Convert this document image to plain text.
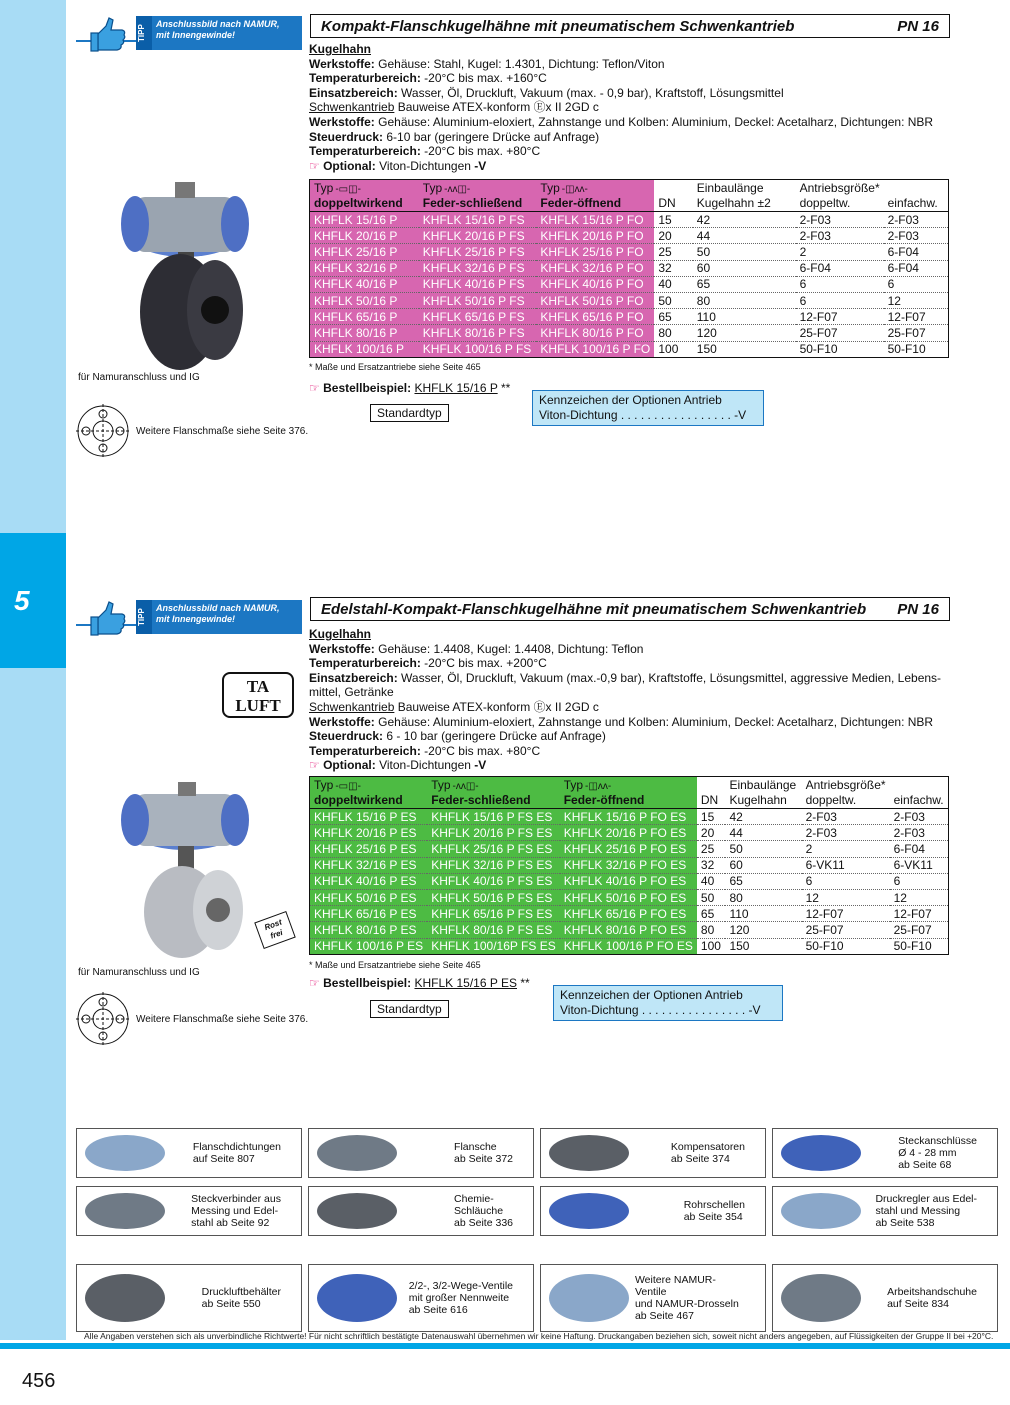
5
Kompakt-Flanschkugelhähne mit pneumatischem Schwenkantrieb	PN 16
TIPP
Anschlussbild nach NAMUR,
mit Innengewinde!
Kugelhahn
Werkstoffe: Gehäuse: Stahl, Kugel: 1.4301, Dichtung: Teflon/Viton
Temperaturbereich: -20°C bis max. +160°C
Einsatzbereich: Wasser, Öl, Druckluft, Vakuum (max. - 0,9 bar), Kraftstoff, Lösungsmittel
Schwenkantrieb Bauweise ATEX-konform Ⓔx II 2GD c
Werkstoffe: Gehäuse: Aluminium-eloxiert, Zahnstange und Kolben: Aluminium, Deckel: Acetalharz, Dichtungen: NBR
Steuerdruck: 6-10 bar (geringere Drücke auf Anfrage)
Temperaturbereich: -20°C bis max. +80°C
☞ Optional: Viton-Dichtungen -V
für Namuranschluss und IG
Weitere Flanschmaße siehe Seite 376.
Typ -▭◫-	Typ -ʌʌ◫-	Typ -◫ʌʌ-		Einbaulänge	Antriebsgröße*	
doppeltwirkend	Feder-schließend	Feder-öffnend	DN	Kugelhahn ±2	doppeltw.	einfachw.
KHFLK 15/16 P	KHFLK 15/16 P FS	KHFLK 15/16 P FO	15	42	2-F03	2-F03
KHFLK 20/16 P	KHFLK 20/16 P FS	KHFLK 20/16 P FO	20	44	2-F03	2-F03
KHFLK 25/16 P	KHFLK 25/16 P FS	KHFLK 25/16 P FO	25	50	2	6-F04
KHFLK 32/16 P	KHFLK 32/16 P FS	KHFLK 32/16 P FO	32	60	6-F04	6-F04
KHFLK 40/16 P	KHFLK 40/16 P FS	KHFLK 40/16 P FO	40	65	6	6
KHFLK 50/16 P	KHFLK 50/16 P FS	KHFLK 50/16 P FO	50	80	6	12
KHFLK 65/16 P	KHFLK 65/16 P FS	KHFLK 65/16 P FO	65	110	12-F07	12-F07
KHFLK 80/16 P	KHFLK 80/16 P FS	KHFLK 80/16 P FO	80	120	25-F07	25-F07
KHFLK 100/16 P	KHFLK 100/16 P FS	KHFLK 100/16 P FO	100	150	50-F10	50-F10
* Maße und Ersatzantriebe siehe Seite 465
☞ Bestellbeispiel: KHFLK 15/16 P **
Standardtyp
Kennzeichen der Optionen Antrieb
Viton-Dichtung . . . . . . . . . . . . . . . . . -V
Edelstahl-Kompakt-Flanschkugelhähne mit pneumatischem Schwenkantrieb PN 16
TIPP
Anschlussbild nach NAMUR,
mit Innengewinde!
TA
LUFT
Kugelhahn
Werkstoffe: Gehäuse: 1.4408, Kugel: 1.4408, Dichtung: Teflon
Temperaturbereich: -20°C bis max. +200°C
Einsatzbereich: Wasser, Öl, Druckluft, Vakuum (max.-0,9 bar), Kraftstoffe, Lösungsmittel, aggressive Medien, Lebens-
mittel, Getränke
Schwenkantrieb Bauweise ATEX-konform Ⓔx II 2GD c
Werkstoffe: Gehäuse: Aluminium-eloxiert, Zahnstange und Kolben: Aluminium, Deckel: Acetalharz, Dichtungen: NBR
Steuerdruck: 6 - 10 bar (geringere Drücke auf Anfrage)
Temperaturbereich: -20°C bis max. +80°C
☞ Optional: Viton-Dichtungen -V
Rost frei
für Namuranschluss und IG
Weitere Flanschmaße siehe Seite 376.
Typ -▭◫-	Typ -ʌʌ◫-	Typ -◫ʌʌ-		Einbaulänge	Antriebsgröße*	
doppeltwirkend	Feder-schließend	Feder-öffnend	DN	Kugelhahn	doppeltw.	einfachw.
KHFLK 15/16 P ES	KHFLK 15/16 P FS ES	KHFLK 15/16 P FO ES	15	42	2-F03	2-F03
KHFLK 20/16 P ES	KHFLK 20/16 P FS ES	KHFLK 20/16 P FO ES	20	44	2-F03	2-F03
KHFLK 25/16 P ES	KHFLK 25/16 P FS ES	KHFLK 25/16 P FO ES	25	50	2	6-F04
KHFLK 32/16 P ES	KHFLK 32/16 P FS ES	KHFLK 32/16 P FO ES	32	60	6-VK11	6-VK11
KHFLK 40/16 P ES	KHFLK 40/16 P FS ES	KHFLK 40/16 P FO ES	40	65	6	6
KHFLK 50/16 P ES	KHFLK 50/16 P FS ES	KHFLK 50/16 P FO ES	50	80	12	12
KHFLK 65/16 P ES	KHFLK 65/16 P FS ES	KHFLK 65/16 P FO ES	65	110	12-F07	12-F07
KHFLK 80/16 P ES	KHFLK 80/16 P FS ES	KHFLK 80/16 P FO ES	80	120	25-F07	25-F07
KHFLK 100/16 P ES	KHFLK 100/16P FS ES	KHFLK 100/16 P FO ES	100	150	50-F10	50-F10
* Maße und Ersatzantriebe siehe Seite 465
☞ Bestellbeispiel: KHFLK 15/16 P ES **
Standardtyp
Kennzeichen der Optionen Antrieb
Viton-Dichtung . . . . . . . . . . . . . . . . -V
Flanschdichtungen
auf Seite 807
Flansche
ab Seite 372
Kompensatoren
ab Seite 374
Steckanschlüsse
Ø 4 - 28 mm
ab Seite 68
Steckverbinder aus
Messing und Edel-
stahl ab Seite 92
Chemie-
Schläuche
ab Seite 336
Rohrschellen
ab Seite 354
Druckregler aus Edel-
stahl und Messing
ab Seite 538
Druckluftbehälter
ab Seite 550
2/2-, 3/2-Wege-Ventile
mit großer Nennweite
ab Seite 616
Weitere NAMUR-Ventile
und NAMUR-Drosseln
ab Seite 467
Arbeitshandschuhe
auf Seite 834
Alle Angaben verstehen sich als unverbindliche Richtwerte! Für nicht schriftlich bestätigte Datenauswahl übernehmen wir keine Haftung. Druckangaben beziehen sich, soweit nicht anders angegeben, auf Flüssigkeiten der Gruppe II bei +20°C.
456
